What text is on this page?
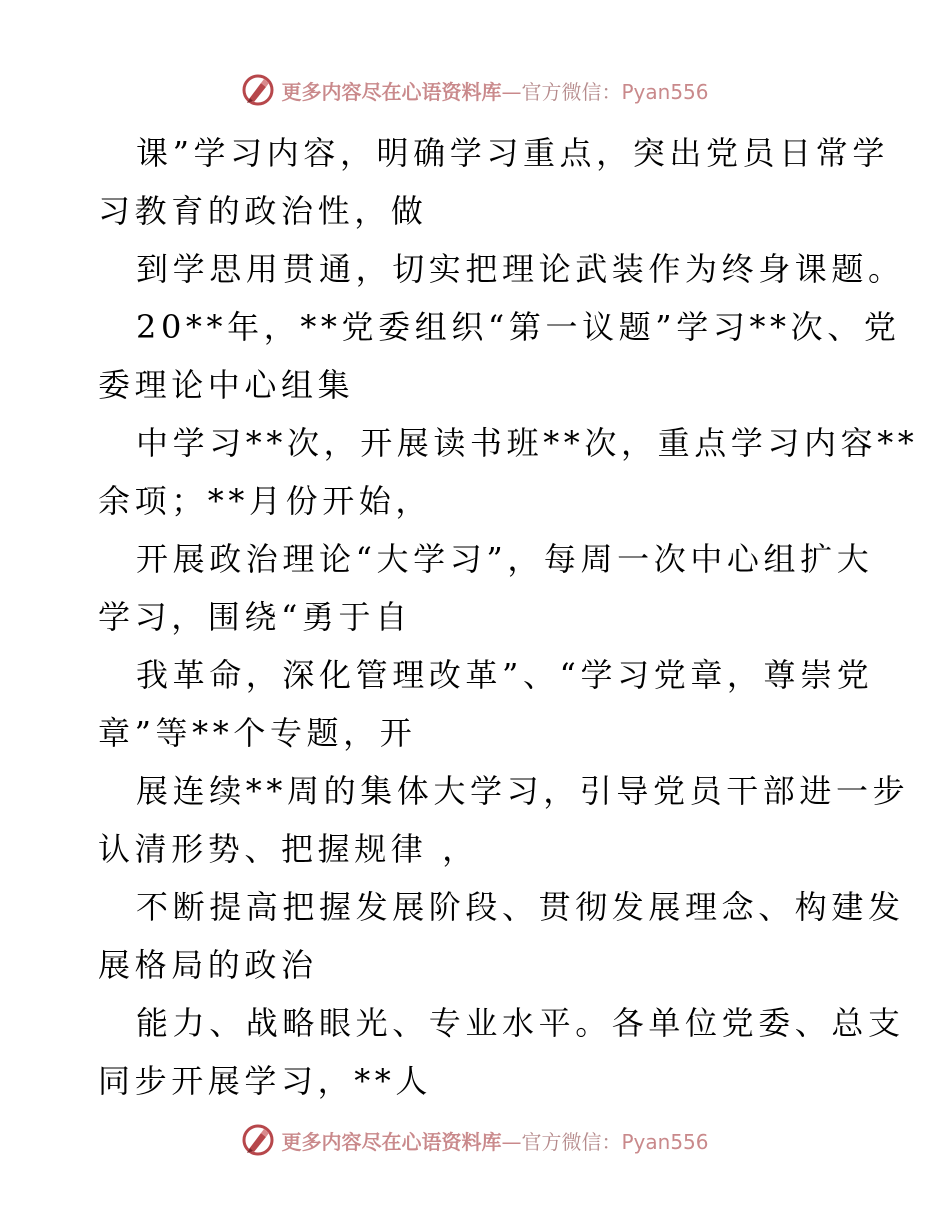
更多内容尽在心语资料库—官方微信：Pyan556

课”学习内容，明确学习重点，突出党员日常学

习教育的政治性，做

到学思用贯通，切实把理论武装作为终身课题。

20**年，**党委组织“第一议题”学习**次、党

委理论中心组集

中学习**次，开展读书班**次，重点学习内容**

余项；**月份开始，

开展政治理论“大学习”，每周一次中心组扩大

学习，围绕“勇于自

我革命，深化管理改革”、“学习党章，尊崇党

章”等**个专题，开

展连续**周的集体大学习，引导党员干部进一步

认清形势、把握规律 ，

不断提高把握发展阶段、贯彻发展理念、构建发

展格局的政治

能力、战略眼光、专业水平。各单位党委、总支

同步开展学习，**人

更多内容尽在心语资料库—官方微信：Pyan556
